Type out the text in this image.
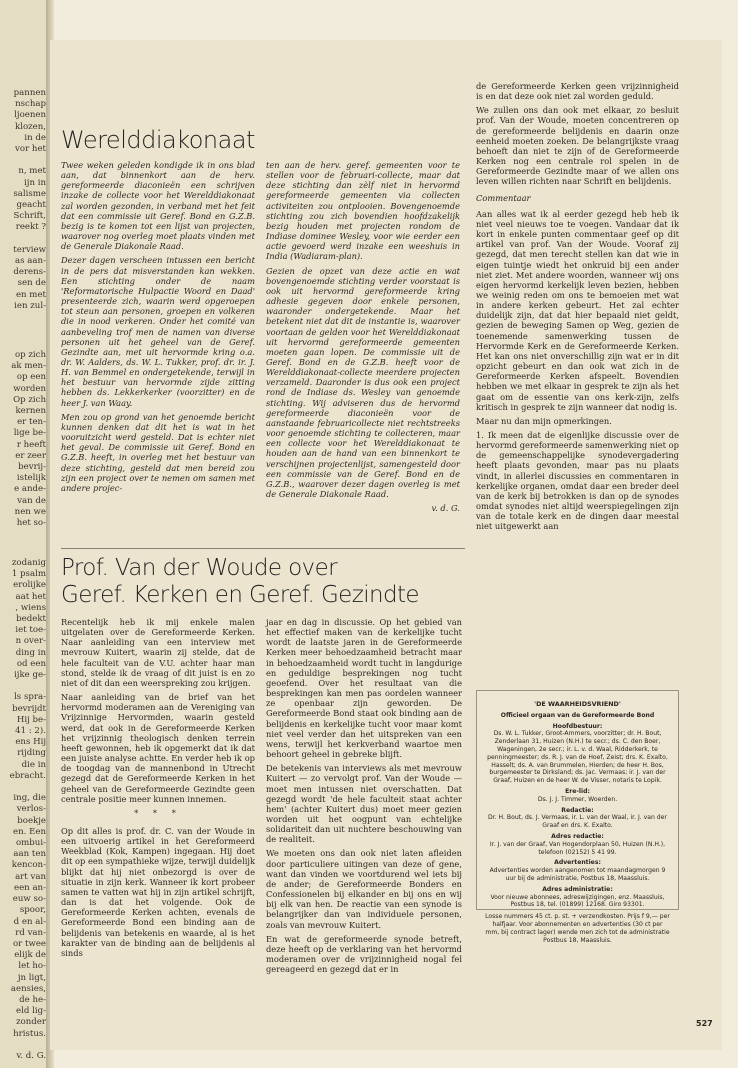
pannen
nschap
ljoenen
klozen,
in de
vor het

n, met
ijn in
salisme
geacht
Schrift,
reekt ?

terview
as aan-
derens-
sen de
en met
ien zul-
op zich
ak men-
op een
worden
Op zich
kernen
er ten-
lige be-
r heeft
er zeer
bevrij-
istelijk
e ande-
van de
nen we
het so-
zodanig
1 psalm
erolijke
aat het
, wiens
bedekt
iet toe-
n over-
ding in
od een
ijke ge-

ls spra-
bevrijdt
Hij be-
41 : 2).
ens Hij
rijding
die in
ebracht.

ing, die
verlos-
boekje
en. Een
ombui-
aan ten
kencon-
art van
een an-
euw so-
spoor,
d en al-
rd van-
or twee
elijk de
let ho-
jn ligt,
aensies,
de he-
eld lig-
zonder
hristus.

v. d. G.
Werelddiakonaat

Twee weken geleden kondigde ik in ons blad aan, dat binnenkort aan de herv. gereformeerde diaconieën een schrijven inzake de collecte voor het Werelddiakonaat zal worden gezonden, in verband met het feit dat een commissie uit Geref. Bond en G.Z.B. bezig is te komen tot een lijst van projecten, waarover nog overleg moet plaats vinden met de Generale Diakonale Raad.

Dezer dagen verscheen intussen een bericht in de pers dat misverstanden kan wekken. Een stichting onder de naam 'Reformatorische Hulpactie Woord en Daad' presenteerde zich, waarin werd opgeroepen tot steun aan personen, groepen en volkeren die in nood verkeren. Onder het comité van aanbeveling trof men de namen van diverse personen uit het geheel van de Geref. Gezindte aan, met uit hervormde kring o.a. dr. W. Aalders, ds. W. L. Tukker, prof. dr. ir. J. H. van Bemmel en ondergetekende, terwijl in het bestuur van hervormde zijde zitting hebben ds. Lekkerkerker (voorzitter) en de heer J. van Waay.

Men zou op grond van het genoemde bericht kunnen denken dat dit het is wat in het vooruitzicht werd gesteld. Dat is echter niet het geval. De commissie uit Geref. Bond en G.Z.B. heeft, in overleg met het bestuur van deze stichting, gesteld dat men bereid zou zijn een project over te nemen om samen met andere projec-

ten aan de herv. geref. gemeenten voor te stellen voor de februari-collecte, maar dat deze stichting dan zèlf niet in hervormd gereformeerde gemeenten via collecten activiteiten zou ontplooien. Bovengenoemde stichting zou zich bovendien hoofdzakelijk bezig houden met projecten rondom de Indiase dominee Wesley, voor wie eerder een actie gevoerd werd inzake een weeshuis in India (Wadiaram-plan).

Gezien de opzet van deze actie en wat bovengenoemde stichting verder voorstaat is ook uit hervormd gereformeerde kring adhesie gegeven door enkele personen, waaronder ondergetekende. Maar het betekent niet dat dit de instantie is, waarover voortaan de gelden voor het Werelddiakonaat uit hervormd gereformeerde gemeenten moeten gaan lopen. De commissie uit de Geref. Bond en de G.Z.B. heeft voor de Werelddiakonaat-collecte meerdere projecten verzameld. Daaronder is dus ook een project rond de Indiase ds. Wesley van genoemde stichting. Wij adviseren dus de hervormd gereformeerde diaconieën voor de aanstaande februaricollecte niet rechtstreeks voor genoemde stichting te collecteren, maar een collecte voor het Werelddiakonaat te houden aan de hand van een binnenkort te verschijnen projectenlijst, samengesteld door een commissie van de Geref. Bond en de G.Z.B., waarover dezer dagen overleg is met de Generale Diakonale Raad.

v. d. G.
Prof. Van der Woude over
Geref. Kerken en Geref. Gezindte

Recentelijk heb ik mij enkele malen uitgelaten over de Gereformeerde Kerken. Naar aanleiding van een interview met mevrouw Kuitert, waarin zij stelde, dat de hele faculteit van de V.U. achter haar man stond, stelde ik de vraag of dit juist is en zo niet of dit dan een weerspreking zou krijgen.

Naar aanleiding van de brief van het hervormd moderamen aan de Vereniging van Vrijzinnige Hervormden, waarin gesteld werd, dat ook in de Gereformeerde Kerken het vrijzinnig theologisch denken terrein heeft gewonnen, heb ik opgemerkt dat ik dat een juiste analyse achtte. En verder heb ik op de toogdag van de mannenbond in Utrecht gezegd dat de Gereformeerde Kerken in het geheel van de Gereformeerde Gezindte geen centrale positie meer kunnen innemen.

* * *

Op dit alles is prof. dr. C. van der Woude in een uitvoerig artikel in het Gereformeerd Weekblad (Kok, Kampen) ingegaan. Hij doet dit op een sympathieke wijze, terwijl duidelijk blijkt dat hij niet onbezorgd is over de situatie in zijn kerk. Wanneer ik kort probeer samen te vatten wat hij in zijn artikel schrijft, dan is dat het volgende. Ook de Gereformeerde Kerken achten, evenals de Gereformeerde Bond een binding aan de belijdenis van betekenis en waarde, al is het karakter van de binding aan de belijdenis al sinds

jaar en dag in discussie. Op het gebied van het effectief maken van de kerkelijke tucht wordt de laatste jaren in de Gereformeerde Kerken meer behoedzaamheid betracht maar in behoedzaamheid wordt tucht in langdurige en geduldige besprekingen nog tucht geoefend. Over het resultaat van die besprekingen kan men pas oordelen wanneer ze openbaar zijn geworden. De Gereformeerde Bond staat ook binding aan de belijdenis en kerkelijke tucht voor maar komt niet veel verder dan het uitspreken van een wens, terwijl het kerkverband waartoe men behoort geheel in gebreke blijft.

De betekenis van interviews als met mevrouw Kuitert — zo vervolgt prof. Van der Woude — moet men intussen niet overschatten. Dat gezegd wordt 'de hele faculteit staat achter hem' (achter Kuitert dus) moet meer gezien worden uit het oogpunt van echtelijke solidariteit dan uit nuchtere beschouwing van de realiteit.

We moeten ons dan ook niet laten afleiden door particuliere uitingen van deze of gene, want dan vinden we voortdurend wel iets bij de ander; de Gereformeerde Bonders en Confessionelen bij elkander en bij ons en wij bij elk van hen. De reactie van een synode is belangrijker dan van individuele personen, zoals van mevrouw Kuitert.

En wat de gereformeerde synode betreft, deze heeft op de verklaring van het hervormd moderamen over de vrijzinnigheid nogal fel gereageerd en gezegd dat er in

de Gereformeerde Kerken geen vrijzinnigheid is en dat deze ook niet zal worden geduld.

We zullen ons dan ook met elkaar, zo besluit prof. Van der Woude, moeten concentreren op de gereformeerde belijdenis en daarin onze eenheid moeten zoeken. De belangrijkste vraag behoeft dan niet te zijn of de Gereformeerde Kerken nog een centrale rol spelen in de Gereformeerde Gezindte maar of we allen ons leven willen richten naar Schrift en belijdenis.

Commentaar

Aan alles wat ik al eerder gezegd heb heb ik niet veel nieuws toe te voegen. Vandaar dat ik kort in enkele punten commentaar geef op dit artikel van prof. Van der Woude. Vooraf zij gezegd, dat men terecht stellen kan dat wie in eigen tuintje wiedt het onkruid bij een ander niet ziet. Met andere woorden, wanneer wij ons eigen hervormd kerkelijk leven bezien, hebben we weinig reden om ons te bemoeien met wat in andere kerken gebeurt. Het zal echter duidelijk zijn, dat dat hier bepaald niet geldt, gezien de beweging Samen op Weg, gezien de toenemende samenwerking tussen de Hervormde Kerk en de Gereformeerde Kerken. Het kan ons niet onverschillig zijn wat er in dit opzicht gebeurt en dan ook wat zich in de Gereformeerde Kerken afspeelt. Bovendien hebben we met elkaar in gesprek te zijn als het gaat om de essentie van ons kerk-zijn, zelfs kritisch in gesprek te zijn wanneer dat nodig is.

Maar nu dan mijn opmerkingen.

1. Ik meen dat de eigenlijke discussie over de hervormd gereformeerde samenwerking niet op de gemeenschappelijke synodevergadering heeft plaats gevonden, maar pas nu plaats vindt, in allerlei discussies en commentaren in kerkelijke organen, omdat daar een breder deel van de kerk bij betrokken is dan op de synodes omdat synodes niet altijd weerspiegelingen zijn van de totale kerk en de dingen daar meestal niet uitgewerkt aan

'DE WAARHEIDSVRIEND'
Officieel orgaan van de Gereformeerde Bond
Hoofdbestuur:
Ds. W. L. Tukker, Groot-Ammers, voorzitter; dr. H. Bout, Zenderlaan 31, Huizen (N.H.) te secr.; ds. C. den Boer, Wageningen, 2e secr.; ir. L. v. d. Waal, Ridderkerk, te penningmeester; ds. R. J. van de Hoef, Zeist; drs. K. Exalto, Hasselt; ds. A. van Brummelen, Hierden; de heer H. Bos, burgemeester te Dirksland; ds. Jac. Vermaas; ir. J. van der Graaf, Huizen en de heer W. de Visser, notaris te Lopik.
Ere-lid:
Ds. J. J. Timmer, Woerden.
Redactie:
Dr. H. Bout, ds. J. Vermaas, ir. L. van der Waal, ir. J. van der Graaf en drs. K. Exalto.
Adres redactie:
Ir. J. van der Graaf, Van Hogendorplaan 50, Huizen (N.H.), telefoon (02152) 5 41 99.
Advertenties:
Advertenties worden aangenomen tot maandagmorgen 9 uur bij de administratie, Postbus 18, Maassluis.
Adres administratie:
Voor nieuwe abonnees, adreswijzigingen, enz. Maassluis, Postbus 18, tel. (01899) 12168. Giro 93301.
Losse nummers 45 ct. p. st. + verzendkosten. Prijs f 9,— per halfjaar. Voor abonnementen en advertenties (30 ct per mm, bij contract lager) wende men zich tot de administratie Postbus 18, Maassluis.
527
